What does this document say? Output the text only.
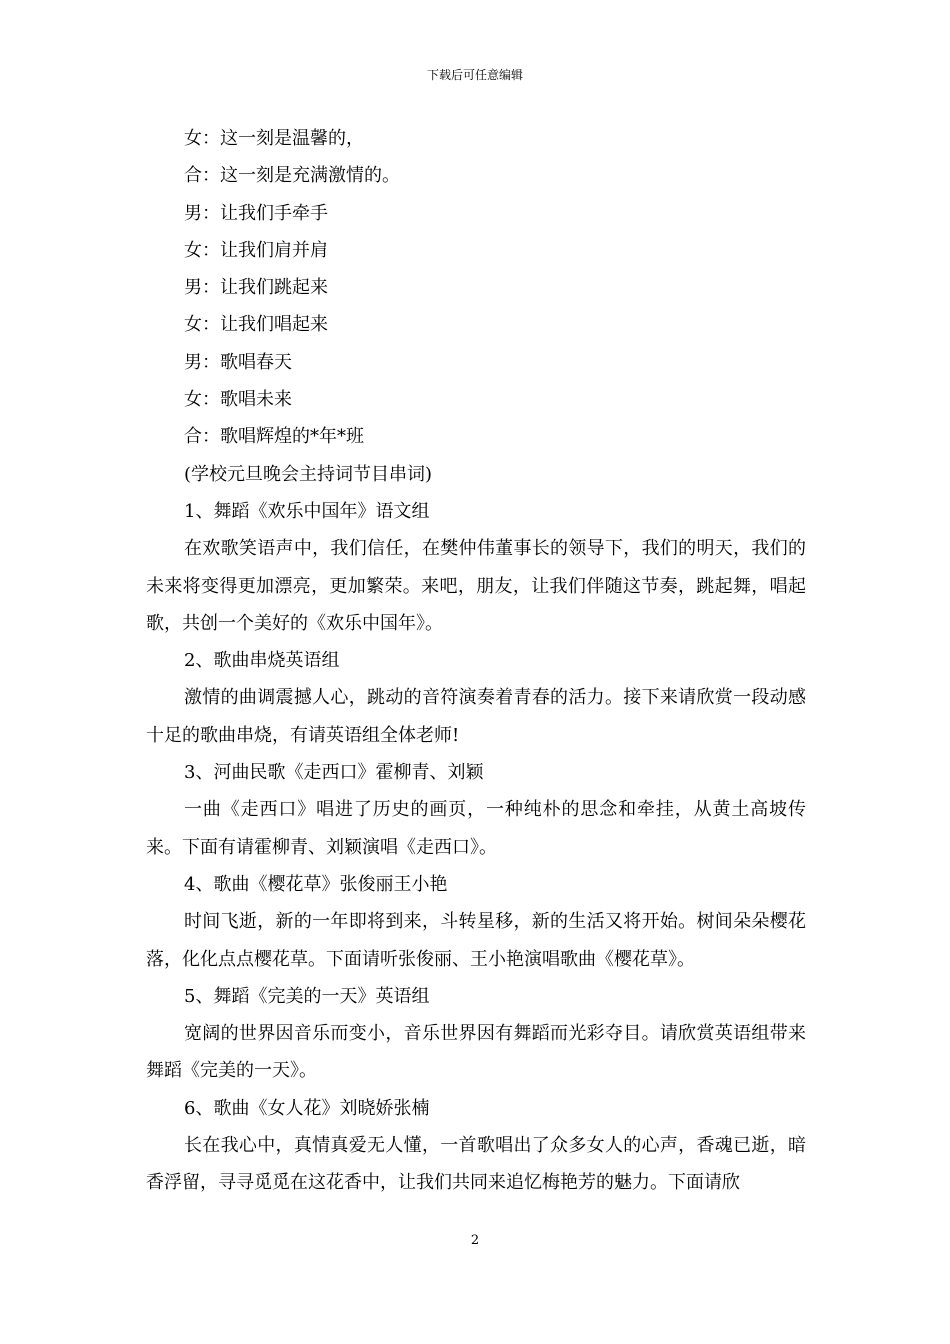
下载后可任意编辑

女：这一刻是温馨的，

合：这一刻是充满激情的。

男：让我们手牵手

女：让我们肩并肩

男：让我们跳起来

女：让我们唱起来

男：歌唱春天

女：歌唱未来

合：歌唱辉煌的*年*班

(学校元旦晚会主持词节目串词)

1、舞蹈《欢乐中国年》语文组

在欢歌笑语声中，我们信任，在樊仲伟董事长的领导下，我们的明天，我们的未来将变得更加漂亮，更加繁荣。来吧，朋友，让我们伴随这节奏，跳起舞，唱起歌，共创一个美好的《欢乐中国年》。

2、歌曲串烧英语组

激情的曲调震撼人心，跳动的音符演奏着青春的活力。接下来请欣赏一段动感十足的歌曲串烧，有请英语组全体老师!

3、河曲民歌《走西口》霍柳青、刘颖

一曲《走西口》唱进了历史的画页，一种纯朴的思念和牵挂，从黄土高坡传来。下面有请霍柳青、刘颖演唱《走西口》。

4、歌曲《樱花草》张俊丽王小艳

时间飞逝，新的一年即将到来，斗转星移，新的生活又将开始。树间朵朵樱花落，化化点点樱花草。下面请听张俊丽、王小艳演唱歌曲《樱花草》。

5、舞蹈《完美的一天》英语组

宽阔的世界因音乐而变小，音乐世界因有舞蹈而光彩夺目。请欣赏英语组带来舞蹈《完美的一天》。

6、歌曲《女人花》刘晓娇张楠

长在我心中，真情真爱无人懂，一首歌唱出了众多女人的心声，香魂已逝，暗香浮留，寻寻觅觅在这花香中，让我们共同来追忆梅艳芳的魅力。下面请欣

2
